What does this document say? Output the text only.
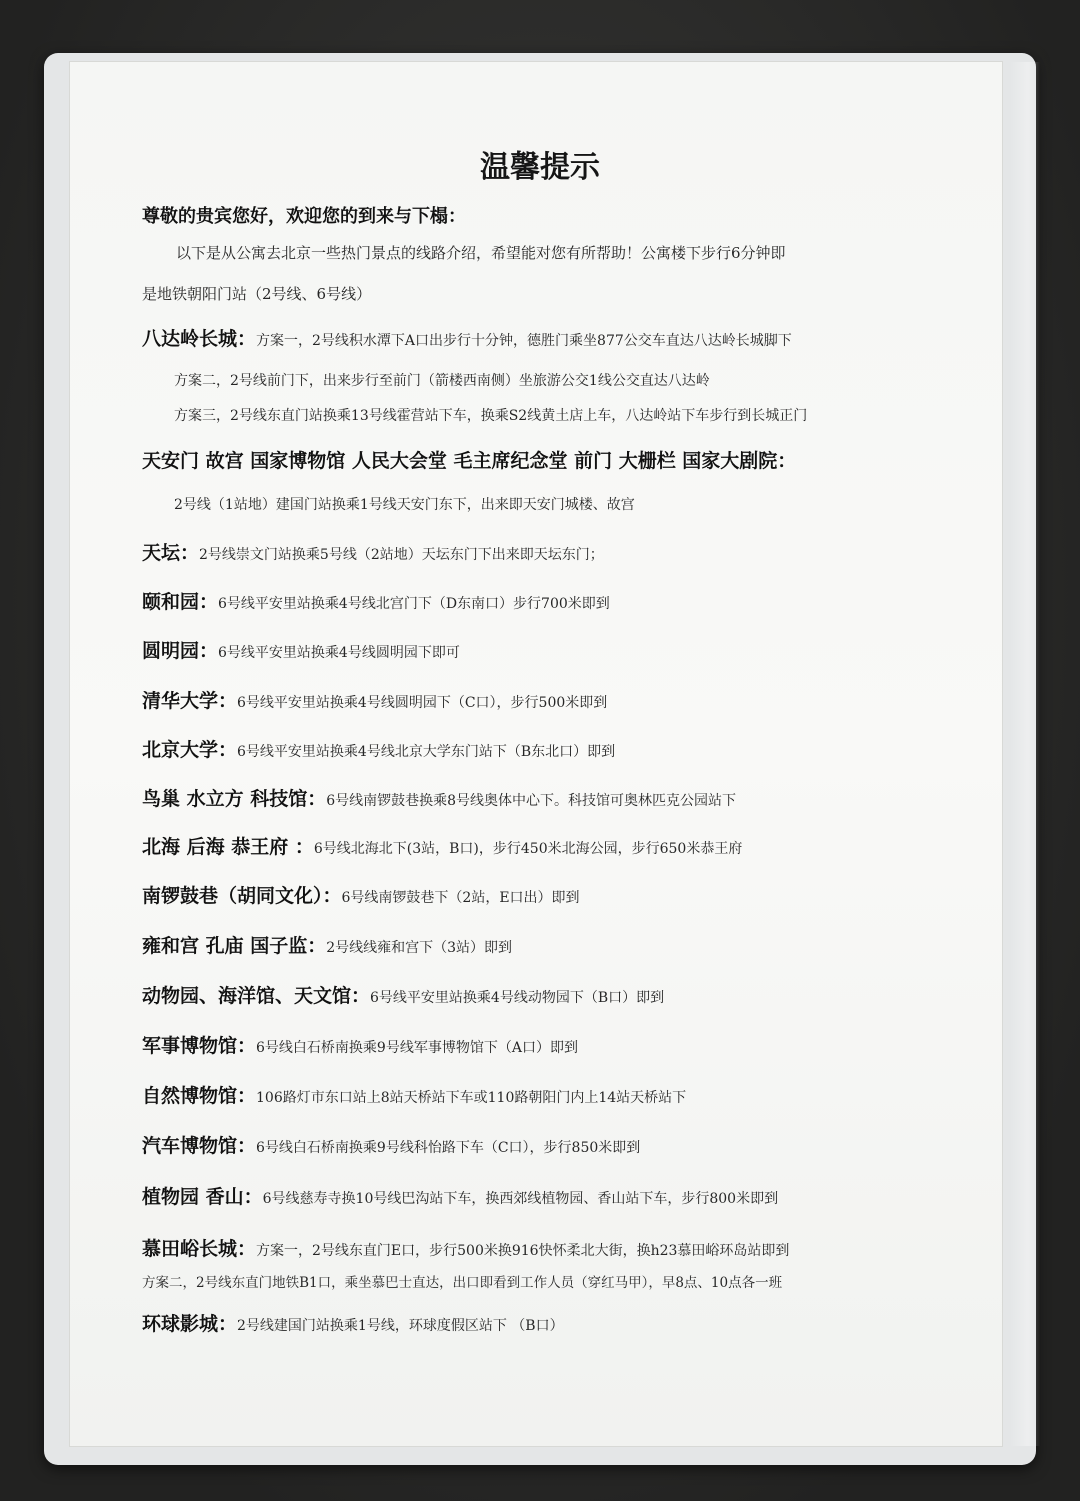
温馨提示
尊敬的贵宾您好，欢迎您的到来与下榻：
以下是从公寓去北京一些热门景点的线路介绍，希望能对您有所帮助！公寓楼下步行6分钟即
是地铁朝阳门站（2号线、6号线）
八达岭长城：方案一，2号线积水潭下A口出步行十分钟，德胜门乘坐877公交车直达八达岭长城脚下
方案二，2号线前门下，出来步行至前门（箭楼西南侧）坐旅游公交1线公交直达八达岭
方案三，2号线东直门站换乘13号线霍营站下车，换乘S2线黄土店上车，八达岭站下车步行到长城正门
天安门 故宫 国家博物馆 人民大会堂 毛主席纪念堂 前门 大栅栏 国家大剧院：
2号线（1站地）建国门站换乘1号线天安门东下，出来即天安门城楼、故宫
天坛：2号线崇文门站换乘5号线（2站地）天坛东门下出来即天坛东门；
颐和园：6号线平安里站换乘4号线北宫门下（D东南口）步行700米即到
圆明园：6号线平安里站换乘4号线圆明园下即可
清华大学：6号线平安里站换乘4号线圆明园下（C口），步行500米即到
北京大学：6号线平安里站换乘4号线北京大学东门站下（B东北口）即到
鸟巢 水立方 科技馆：6号线南锣鼓巷换乘8号线奥体中心下。科技馆可奥林匹克公园站下
北海 后海 恭王府 ：6号线北海北下(3站，B口)，步行450米北海公园，步行650米恭王府
南锣鼓巷（胡同文化）：6号线南锣鼓巷下（2站，E口出）即到
雍和宫 孔庙 国子监：2号线线雍和宫下（3站）即到
动物园、海洋馆、天文馆：6号线平安里站换乘4号线动物园下（B口）即到
军事博物馆：6号线白石桥南换乘9号线军事博物馆下（A口）即到
自然博物馆：106路灯市东口站上8站天桥站下车或110路朝阳门内上14站天桥站下
汽车博物馆：6号线白石桥南换乘9号线科怡路下车（C口），步行850米即到
植物园 香山：6号线慈寿寺换10号线巴沟站下车，换西郊线植物园、香山站下车，步行800米即到
慕田峪长城：方案一，2号线东直门E口，步行500米换916快怀柔北大街，换h23慕田峪环岛站即到
方案二，2号线东直门地铁B1口，乘坐慕巴士直达，出口即看到工作人员（穿红马甲），早8点、10点各一班
环球影城：2号线建国门站换乘1号线，环球度假区站下 （B口）
